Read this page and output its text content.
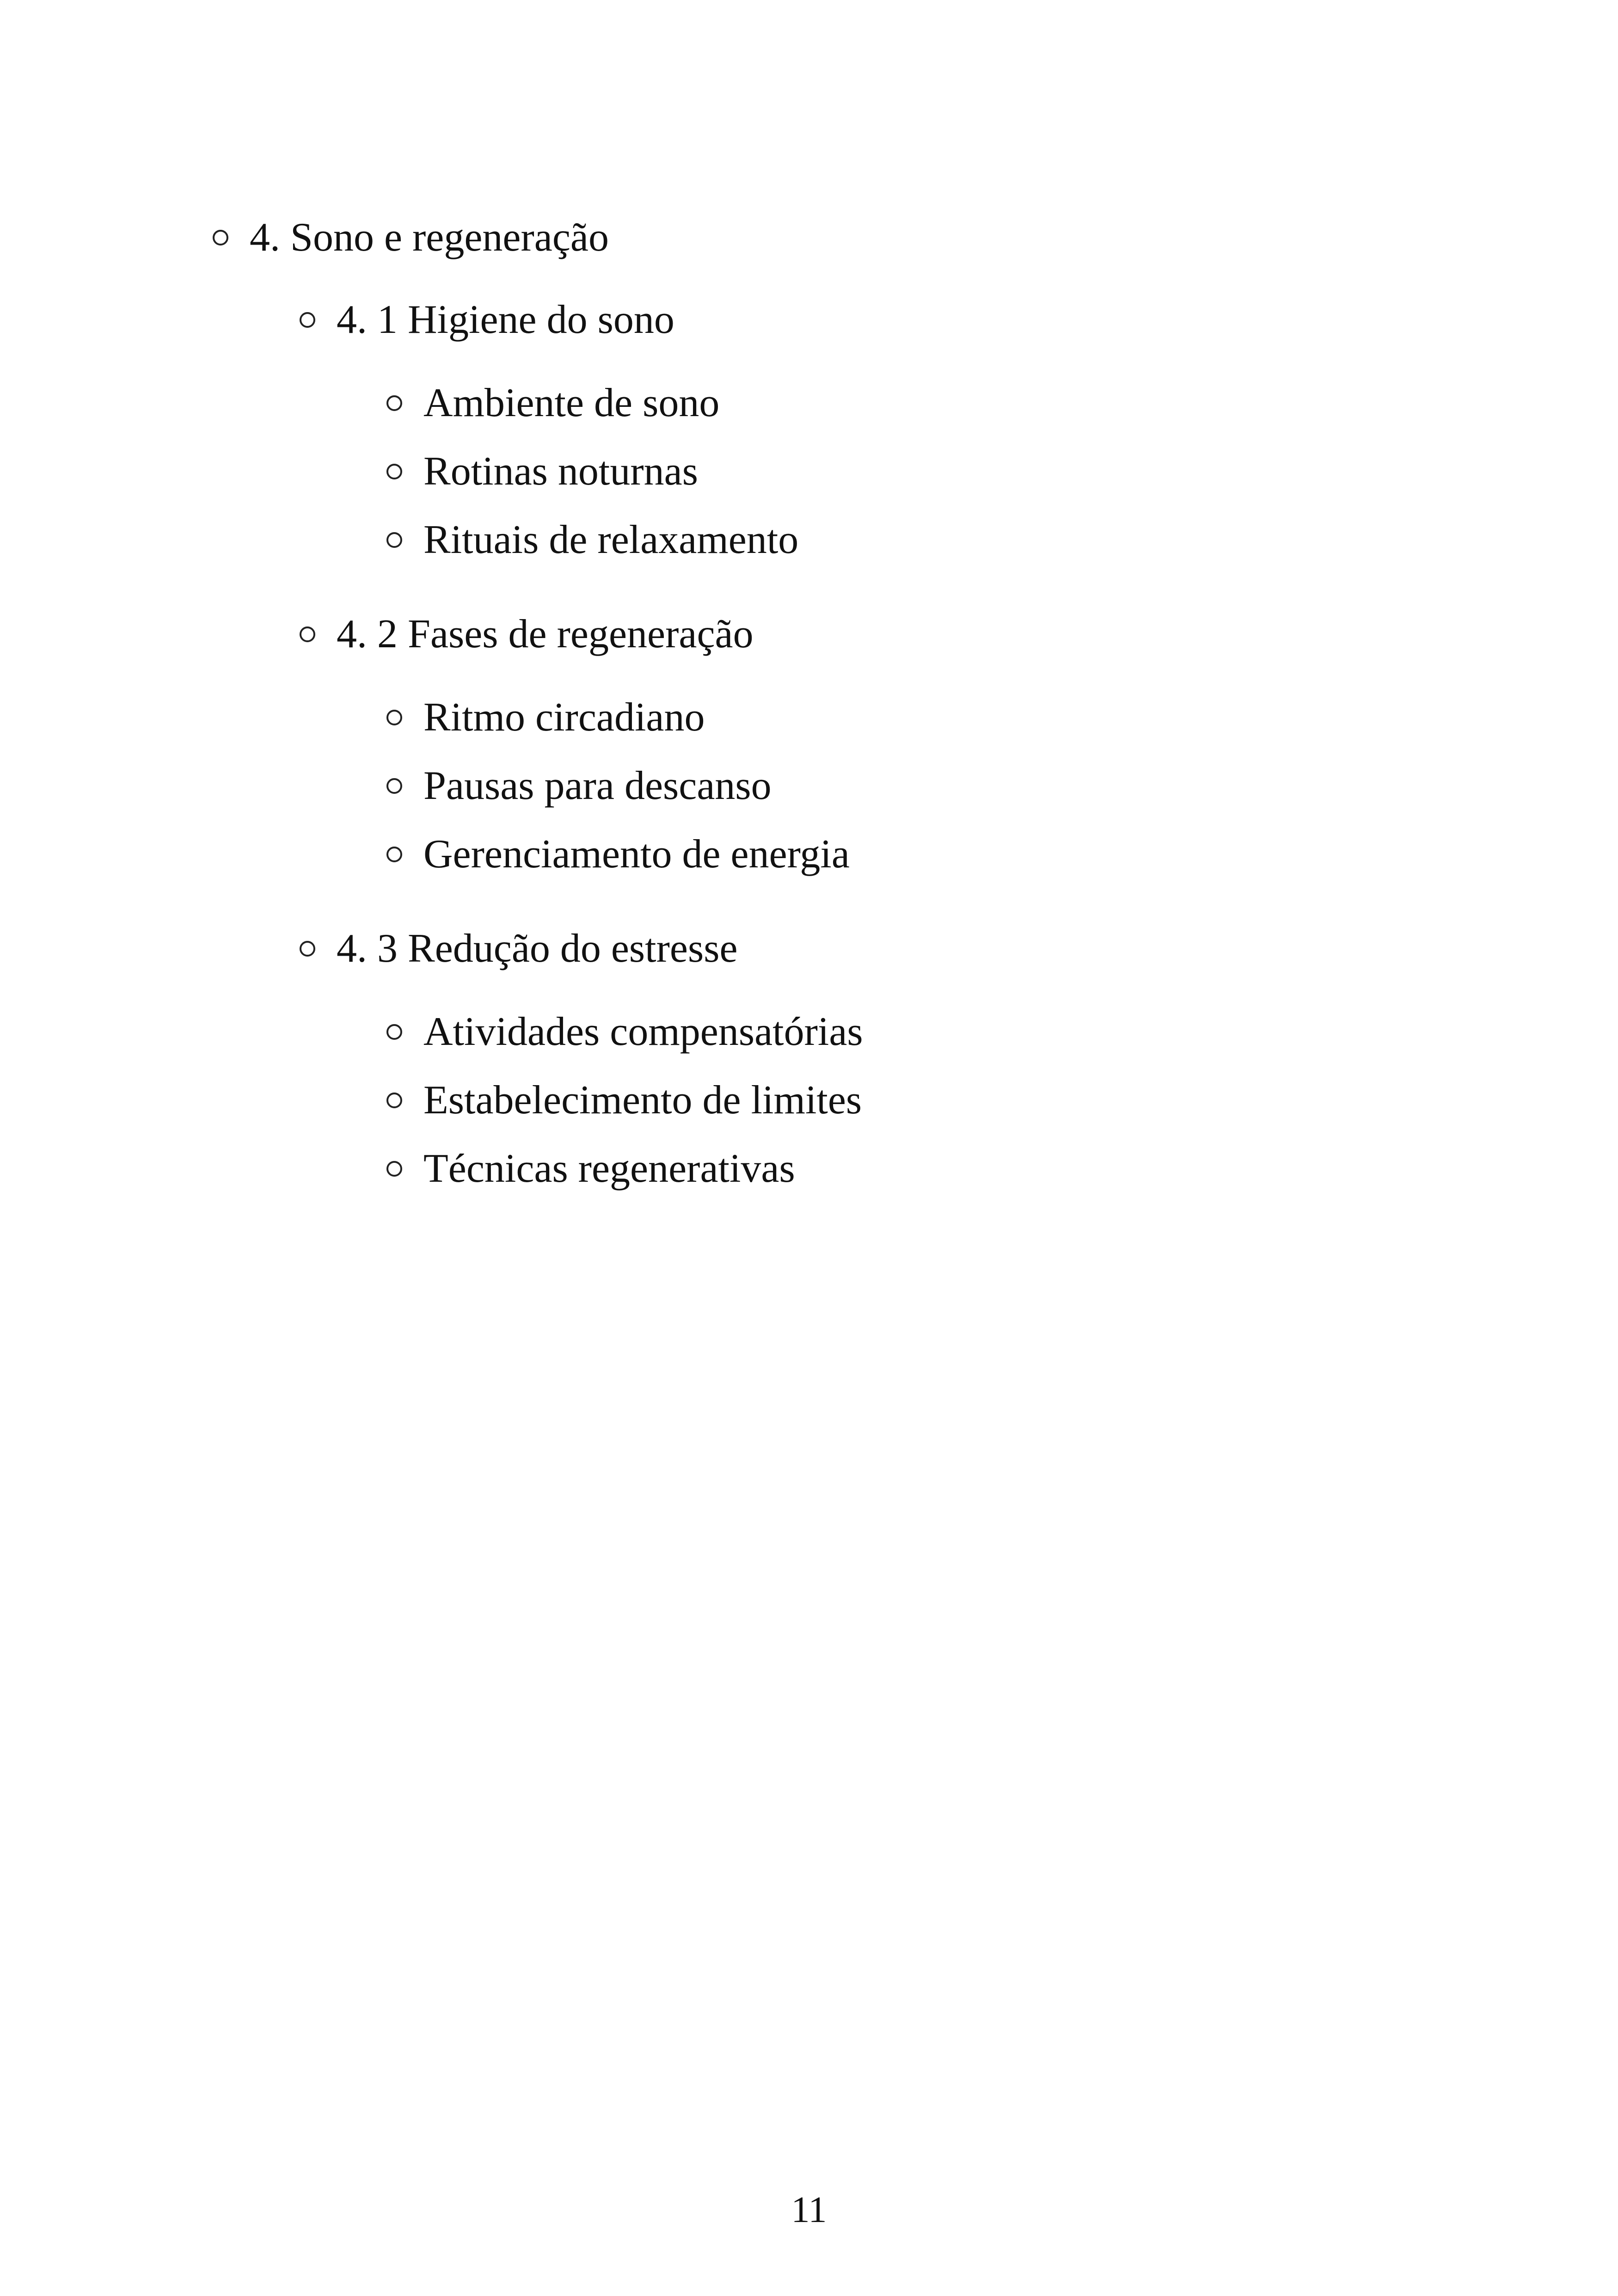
4. Sono e regeneração
4. 1 Higiene do sono
Ambiente de sono
Rotinas noturnas
Rituais de relaxamento
4. 2 Fases de regeneração
Ritmo circadiano
Pausas para descanso
Gerenciamento de energia
4. 3 Redução do estresse
Atividades compensatórias
Estabelecimento de limites
Técnicas regenerativas
11
